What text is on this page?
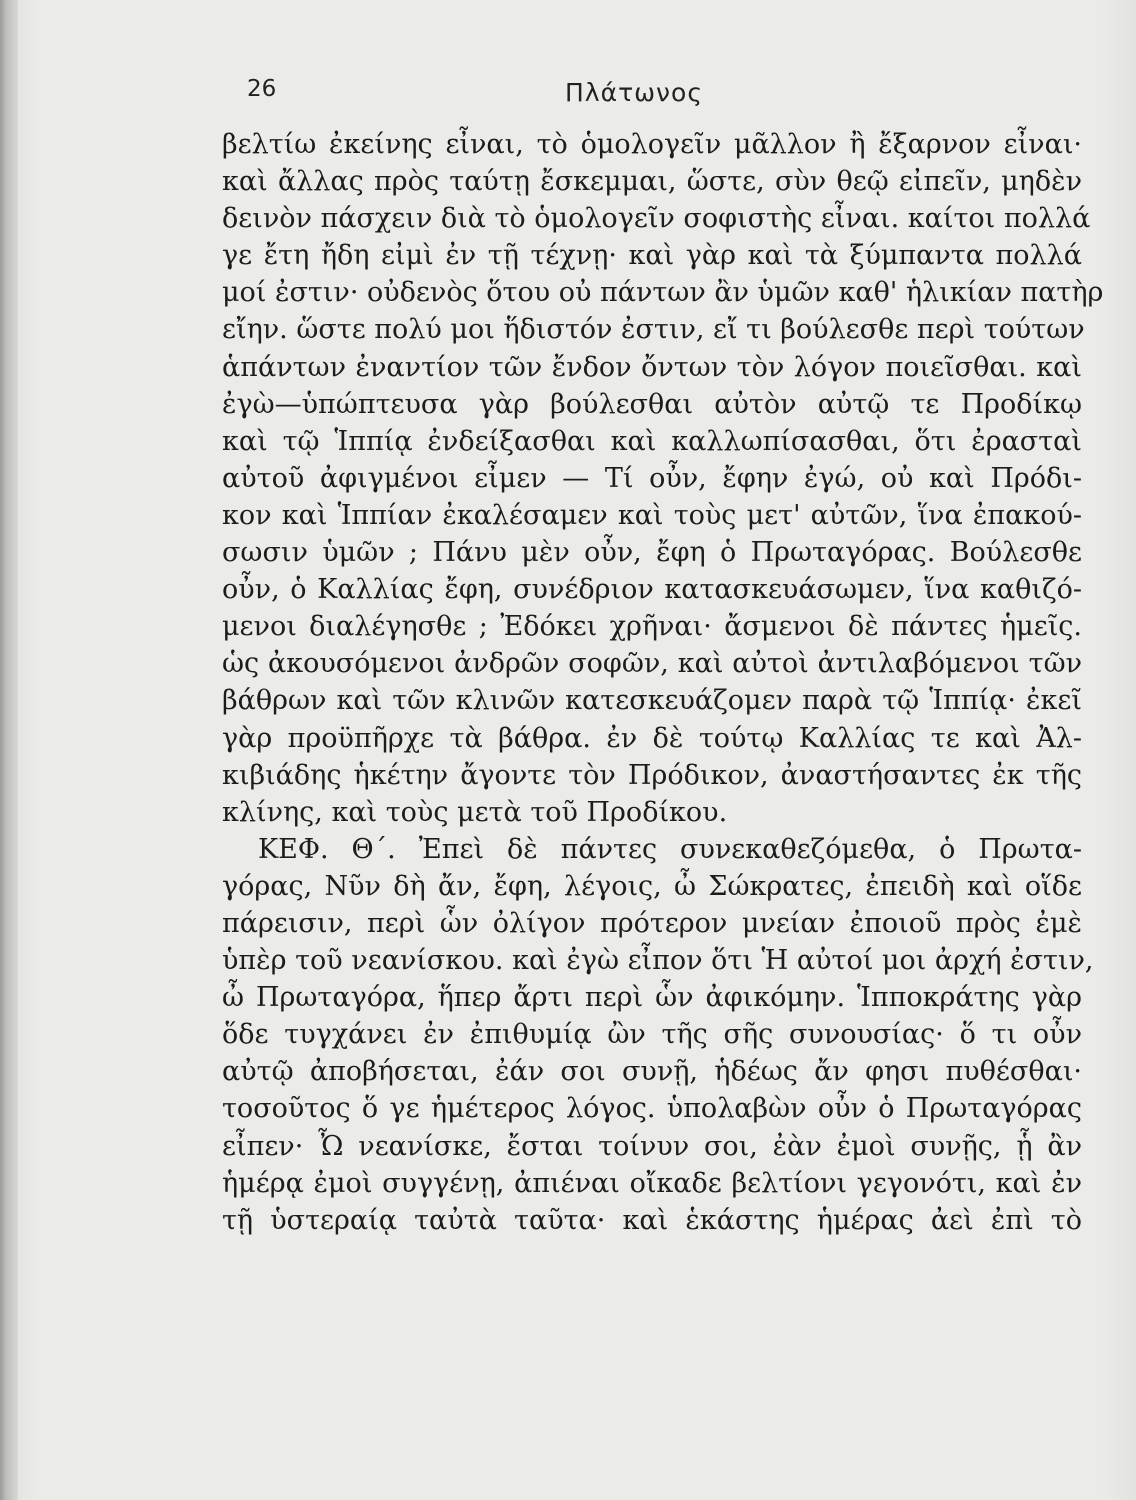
26	Πλάτωνος
βελτίω ἐκείνης εἶναι, τὸ ὁμολογεῖν μᾶλλον ἢ ἔξαρνον εἶναι·
καὶ ἄλλας πρὸς ταύτῃ ἔσκεμμαι, ὥστε, σὺν θεῷ εἰπεῖν, μηδὲν
δεινὸν πάσχειν διὰ τὸ ὁμολογεῖν σοφιστὴς εἶναι. καίτοι πολλά
γε ἔτη ἤδη εἰμὶ ἐν τῇ τέχνῃ· καὶ γὰρ καὶ τὰ ξύμπαντα πολλά
μοί ἐστιν· οὐδενὸς ὅτου οὐ πάντων ἂν ὑμῶν καθ' ἡλικίαν πατὴρ
εἴην. ὥστε πολύ μοι ἥδιστόν ἐστιν, εἴ τι βούλεσθε περὶ τούτων
ἁπάντων ἐναντίον τῶν ἔνδον ὄντων τὸν λόγον ποιεῖσθαι. καὶ
ἐγὼ—ὑπώπτευσα γὰρ βούλεσθαι αὐτὸν αὐτῷ τε Προδίκῳ
καὶ τῷ Ἱππίᾳ ἐνδείξασθαι καὶ καλλωπίσασθαι, ὅτι ἐρασταὶ
αὐτοῦ ἀφιγμένοι εἶμεν — Τί οὖν, ἔφην ἐγώ, οὐ καὶ Πρόδι-
κον καὶ Ἱππίαν ἐκαλέσαμεν καὶ τοὺς μετ' αὐτῶν, ἵνα ἐπακού-
σωσιν ὑμῶν ; Πάνυ μὲν οὖν, ἔφη ὁ Πρωταγόρας. Βούλεσθε
οὖν, ὁ Καλλίας ἔφη, συνέδριον κατασκευάσωμεν, ἵνα καθιζό-
μενοι διαλέγησθε ; Ἐδόκει χρῆναι· ἄσμενοι δὲ πάντες ἡμεῖς.
ὡς ἀκουσόμενοι ἀνδρῶν σοφῶν, καὶ αὐτοὶ ἀντιλαβόμενοι τῶν
βάθρων καὶ τῶν κλινῶν κατεσκευάζομεν παρὰ τῷ Ἱππίᾳ· ἐκεῖ
γὰρ προϋπῆρχε τὰ βάθρα. ἐν δὲ τούτῳ Καλλίας τε καὶ Ἀλ-
κιβιάδης ἡκέτην ἄγοντε τὸν Πρόδικον, ἀναστήσαντες ἐκ τῆς
κλίνης, καὶ τοὺς μετὰ τοῦ Προδίκου.
ΚΕΦ. Θ΄. Ἐπεὶ δὲ πάντες συνεκαθεζόμεθα, ὁ Πρωτα-
γόρας, Νῦν δὴ ἄν, ἔφη, λέγοις, ὦ Σώκρατες, ἐπειδὴ καὶ οἵδε
πάρεισιν, περὶ ὧν ὀλίγον πρότερον μνείαν ἐποιοῦ πρὸς ἐμὲ
ὑπὲρ τοῦ νεανίσκου. καὶ ἐγὼ εἶπον ὅτι Ἡ αὐτοί μοι ἀρχή ἐστιν,
ὦ Πρωταγόρα, ἥπερ ἄρτι περὶ ὧν ἀφικόμην. Ἱπποκράτης γὰρ
ὅδε τυγχάνει ἐν ἐπιθυμίᾳ ὢν τῆς σῆς συνουσίας· ὅ τι οὖν
αὐτῷ ἀποβήσεται, ἐάν σοι συνῇ, ἡδέως ἄν φησι πυθέσθαι·
τοσοῦτος ὅ γε ἡμέτερος λόγος. ὑπολαβὼν οὖν ὁ Πρωταγόρας
εἶπεν· Ὦ νεανίσκε, ἔσται τοίνυν σοι, ἐὰν ἐμοὶ συνῇς, ᾗ ἂν
ἡμέρᾳ ἐμοὶ συγγένῃ, ἀπιέναι οἴκαδε βελτίονι γεγονότι, καὶ ἐν
τῇ ὑστεραίᾳ ταὐτὰ ταῦτα· καὶ ἑκάστης ἡμέρας ἀεὶ ἐπὶ τὸ
